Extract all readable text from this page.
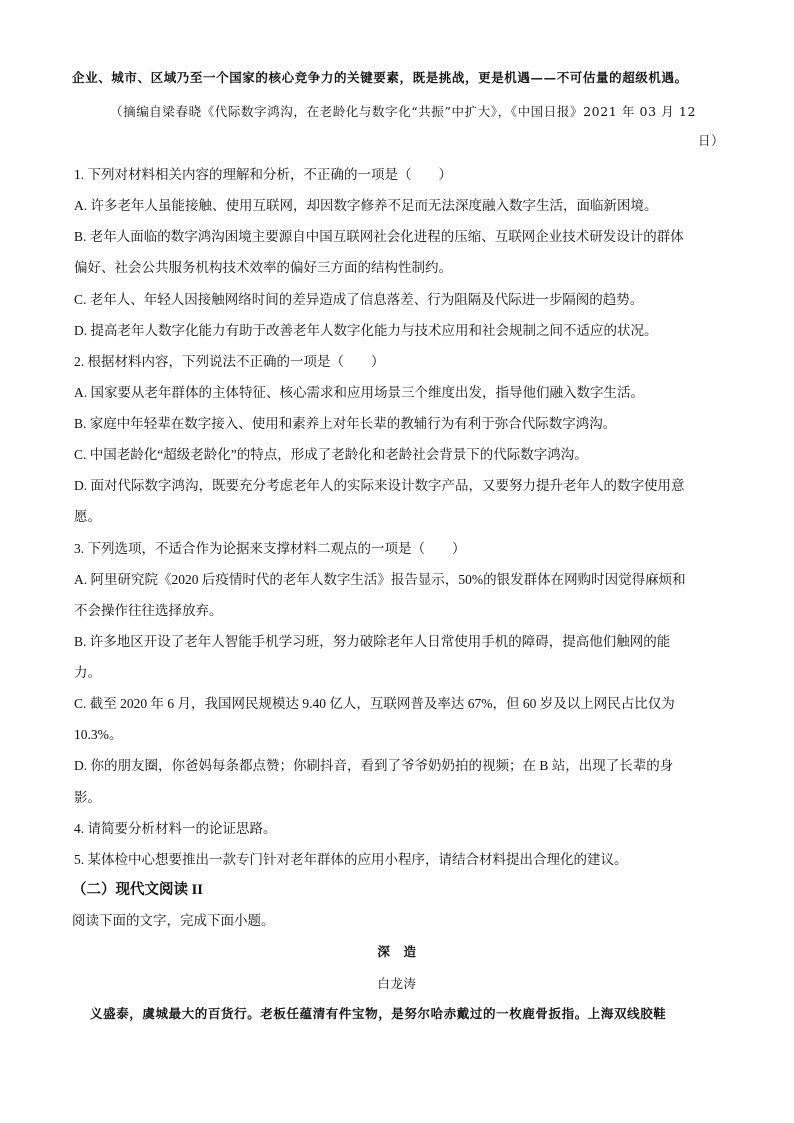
企业、城市、区域乃至一个国家的核心竞争力的关键要素，既是挑战，更是机遇——不可估量的超级机遇。
（摘编自梁春晓《代际数字鸿沟，在老龄化与数字化“共振”中扩大》，《中国日报》2021 年 03 月 12
日）
1. 下列对材料相关内容的理解和分析，不正确的一项是（　　）
A. 许多老年人虽能接触、使用互联网，却因数字修养不足而无法深度融入数字生活，面临新困境。
B. 老年人面临的数字鸿沟困境主要源自中国互联网社会化进程的压缩、互联网企业技术研发设计的群体
偏好、社会公共服务机构技术效率的偏好三方面的结构性制约。
C. 老年人、年轻人因接触网络时间的差异造成了信息落差、行为阻隔及代际进一步隔阂的趋势。
D. 提高老年人数字化能力有助于改善老年人数字化能力与技术应用和社会规制之间不适应的状况。
2. 根据材料内容，下列说法不正确的一项是（　　）
A. 国家要从老年群体的主体特征、核心需求和应用场景三个维度出发，指导他们融入数字生活。
B. 家庭中年轻辈在数字接入、使用和素养上对年长辈的教辅行为有利于弥合代际数字鸿沟。
C. 中国老龄化“超级老龄化”的特点，形成了老龄化和老龄社会背景下的代际数字鸿沟。
D. 面对代际数字鸿沟，既要充分考虑老年人的实际来设计数字产品，又要努力提升老年人的数字使用意
愿。
3. 下列选项，不适合作为论据来支撑材料二观点的一项是（　　）
A. 阿里研究院《2020 后疫情时代的老年人数字生活》报告显示，50%的银发群体在网购时因觉得麻烦和
不会操作往往选择放弃。
B. 许多地区开设了老年人智能手机学习班，努力破除老年人日常使用手机的障碍，提高他们触网的能
力。
C. 截至 2020 年 6 月，我国网民规模达 9.40 亿人，互联网普及率达 67%，但 60 岁及以上网民占比仅为
10.3%。
D. 你的朋友圈，你爸妈每条都点赞；你刷抖音，看到了爷爷奶奶拍的视频；在 B 站，出现了长辈的身
影。
4. 请简要分析材料一的论证思路。
5. 某体检中心想要推出一款专门针对老年群体的应用小程序，请结合材料提出合理化的建议。
（二）现代文阅读 II
阅读下面的文字，完成下面小题。
深　造
白龙涛
义盛泰，虞城最大的百货行。老板任蕴清有件宝物，是努尔哈赤戴过的一枚鹿骨扳指。上海双线胶鞋
